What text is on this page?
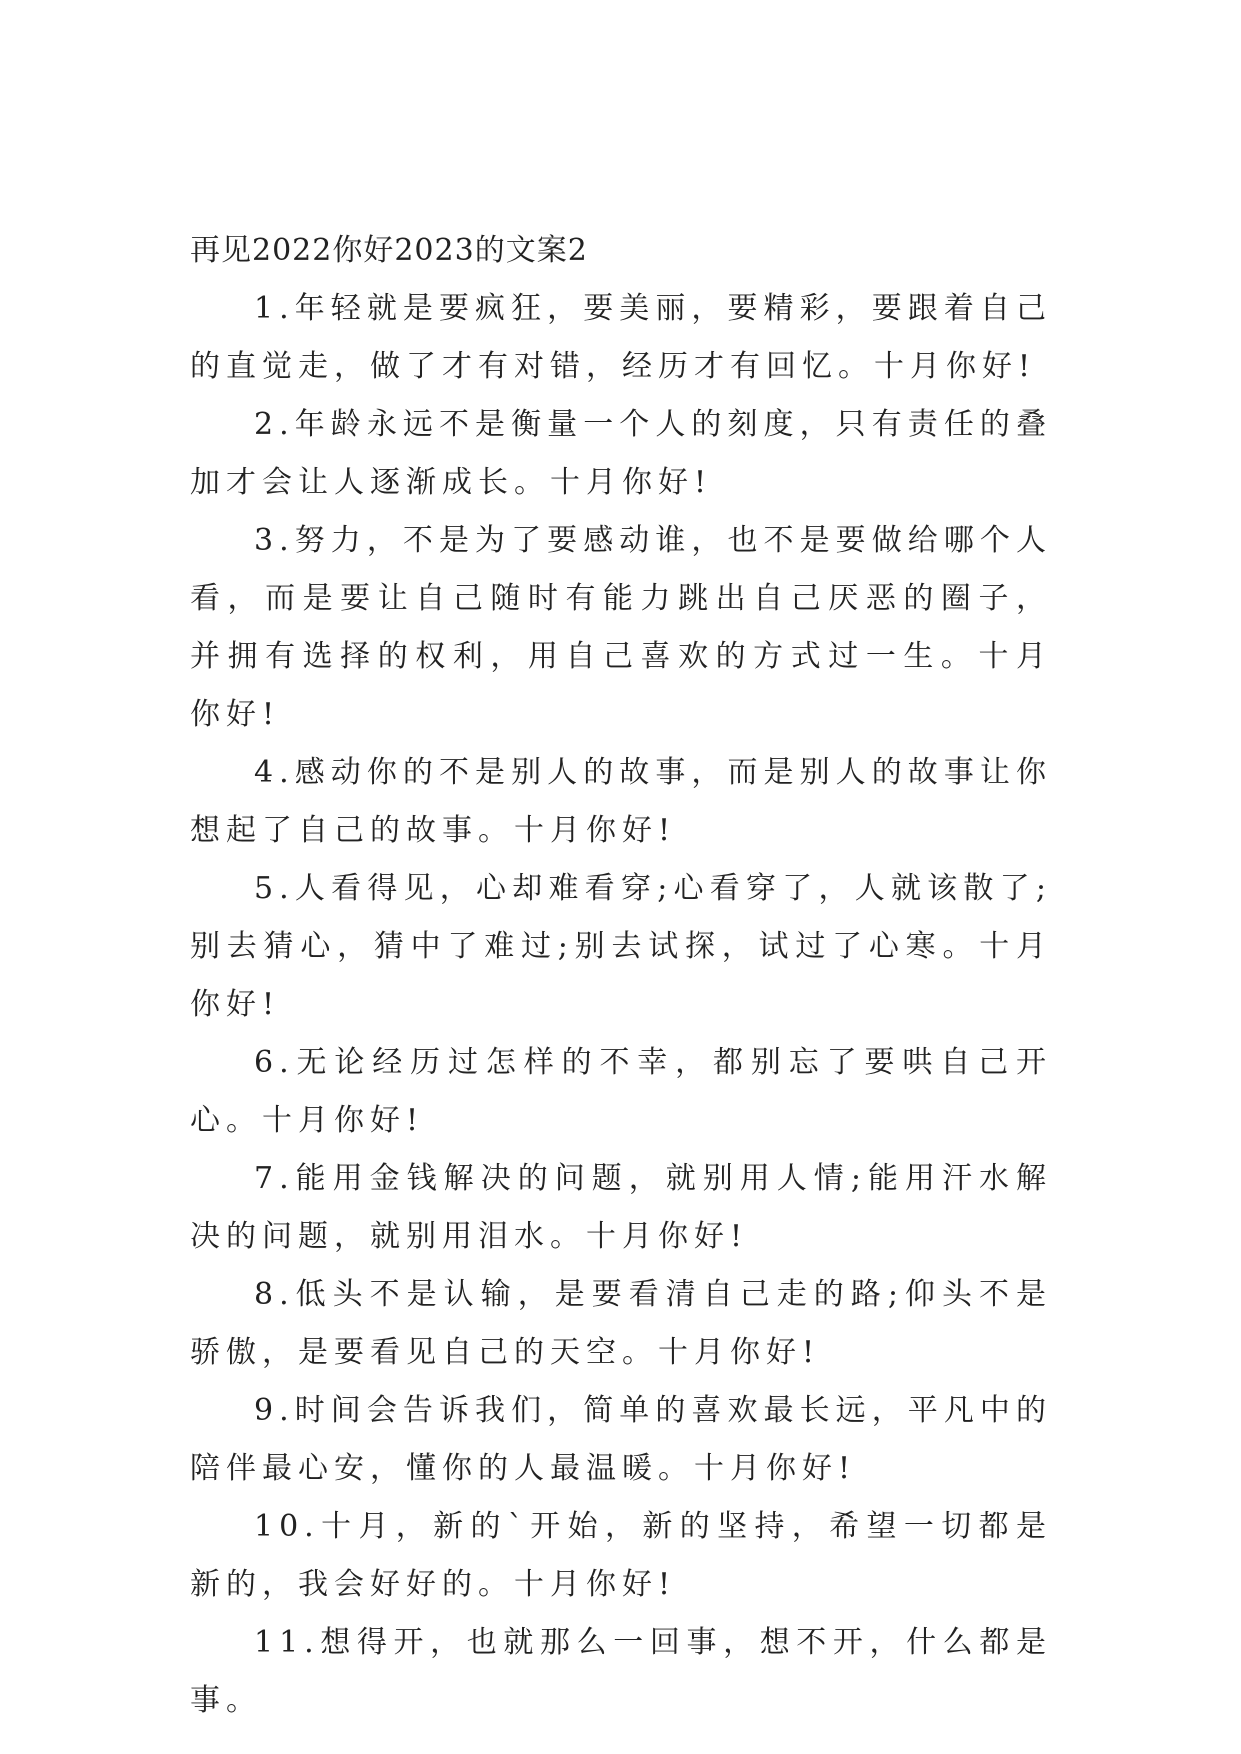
再见2022你好2023的文案2

1.年轻就是要疯狂，要美丽，要精彩，要跟着自己的直觉走，做了才有对错，经历才有回忆。十月你好!

2.年龄永远不是衡量一个人的刻度，只有责任的叠加才会让人逐渐成长。十月你好!

3.努力，不是为了要感动谁，也不是要做给哪个人看，而是要让自己随时有能力跳出自己厌恶的圈子，并拥有选择的权利，用自己喜欢的方式过一生。十月你好!

4.感动你的不是别人的故事，而是别人的故事让你想起了自己的故事。十月你好!

5.人看得见，心却难看穿;心看穿了，人就该散了;别去猜心，猜中了难过;别去试探，试过了心寒。十月你好!

6.无论经历过怎样的不幸，都别忘了要哄自己开心。十月你好!

7.能用金钱解决的问题，就别用人情;能用汗水解决的问题，就别用泪水。十月你好!

8.低头不是认输，是要看清自己走的路;仰头不是骄傲，是要看见自己的天空。十月你好!

9.时间会告诉我们，简单的喜欢最长远，平凡中的陪伴最心安，懂你的人最温暖。十月你好!

10.十月，新的`开始，新的坚持，希望一切都是新的，我会好好的。十月你好!

11.想得开，也就那么一回事，想不开，什么都是事。
